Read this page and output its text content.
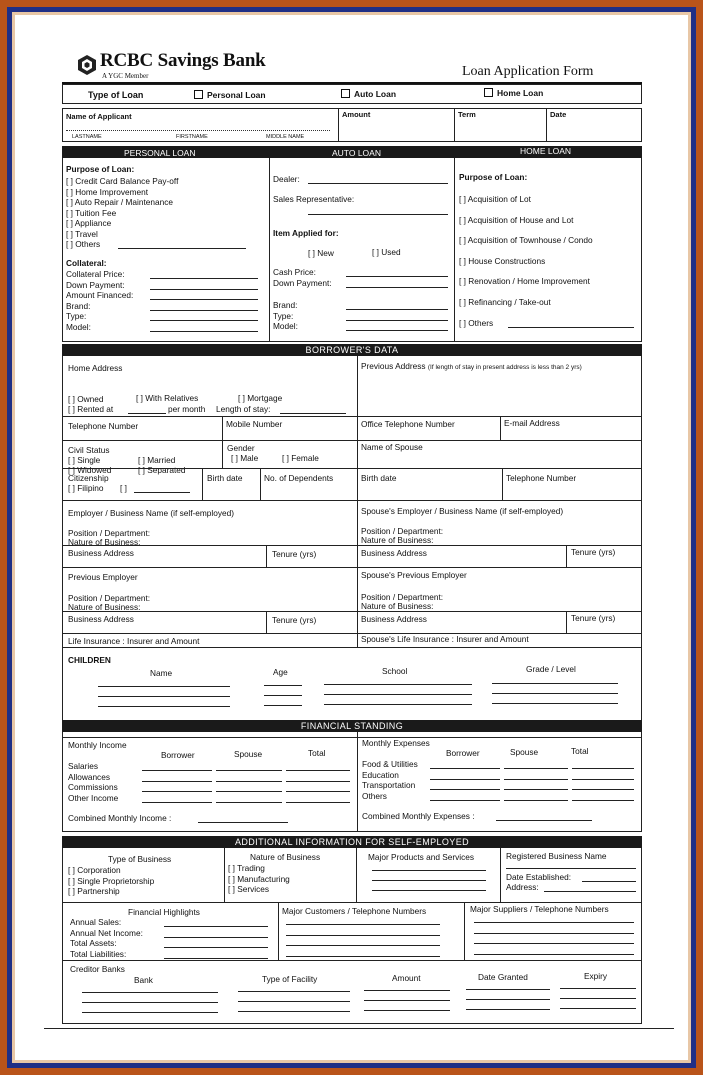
RCBC Savings Bank
A YGC Member	Loan Application Form
Type of Loan	Personal Loan	Auto Loan	Home Loan
Name of Applicant
LASTNAME	FIRSTNAME	MIDDLE NAME
Amount	Term	Date
PERSONAL LOAN	AUTO LOAN	HOME LOAN
Purpose of Loan:
[ ] Credit Card Balance Pay-off
[ ] Home Improvement
[ ] Auto Repair / Maintenance
[ ] Tuition Fee
[ ] Appliance
[ ] Travel
[ ] Others
Collateral:
Collateral Price:
Down Payment:
Amount Financed:
Brand:
Type:
Model:
Dealer:
Sales Representative:
Item Applied for:
[ ] New	[ ] Used
Cash Price:
Down Payment:
Brand:
Type:
Model:
Purpose of Loan:
[ ] Acquisition of Lot
[ ] Acquisition of House and Lot
[ ] Acquisition of Townhouse / Condo
[ ] House Constructions
[ ] Renovation / Home Improvement
[ ] Refinancing / Take-out
[ ] Others
BORROWER'S DATA
Home Address
[ ] Owned	[ ] With Relatives	[ ] Mortgage
[ ] Rented at	per month Length of stay:
Previous Address (If length of stay in present address is less than 2 yrs)
Telephone Number	Mobile Number	Office Telephone Number	E-mail Address
Civil Status
[ ] Single	[ ] Married
[ ] Widowed	[ ] Separated
Gender
[ ] Male	[ ] Female
Name of Spouse
Citizenship
[ ] Filipino [ ]
Birth date	No. of Dependents	Birth date	Telephone Number
Employer / Business Name (if self-employed)	Spouse's Employer / Business Name (if self-employed)
Position / Department:
Nature of Business:
Position / Department:
Nature of Business:
Business Address	Tenure (yrs)	Business Address	Tenure (yrs)
Previous Employer	Spouse's Previous Employer
Position / Department:
Nature of Business:
Position / Department:
Nature of Business:
Business Address	Tenure (yrs)	Business Address	Tenure (yrs)
Life Insurance : Insurer and Amount	Spouse's Life Insurance : Insurer and Amount
CHILDREN
Name	Age	School	Grade / Level
FINANCIAL STANDING
Monthly Income
Borrower	Spouse	Total
Salaries
Allowances
Commissions
Other Income
Combined Monthly Income :
Monthly Expenses
Borrower	Spouse	Total
Food & Utilities
Education
Transportation
Others
Combined Monthly Expenses :
ADDITIONAL INFORMATION FOR SELF-EMPLOYED
Type of Business
[ ] Corporation
[ ] Single Proprietorship
[ ] Partnership
Nature of Business
[ ] Trading
[ ] Manufacturing
[ ] Services
Major Products and Services	Registered Business Name
Date Established:
Address:
Financial Highlights
Annual Sales:
Annual Net Income:
Total Assets:
Total Liabilities:
Major Customers / Telephone Numbers	Major Suppliers / Telephone Numbers
Creditor Banks
Bank	Type of Facility	Amount	Date Granted	Expiry
